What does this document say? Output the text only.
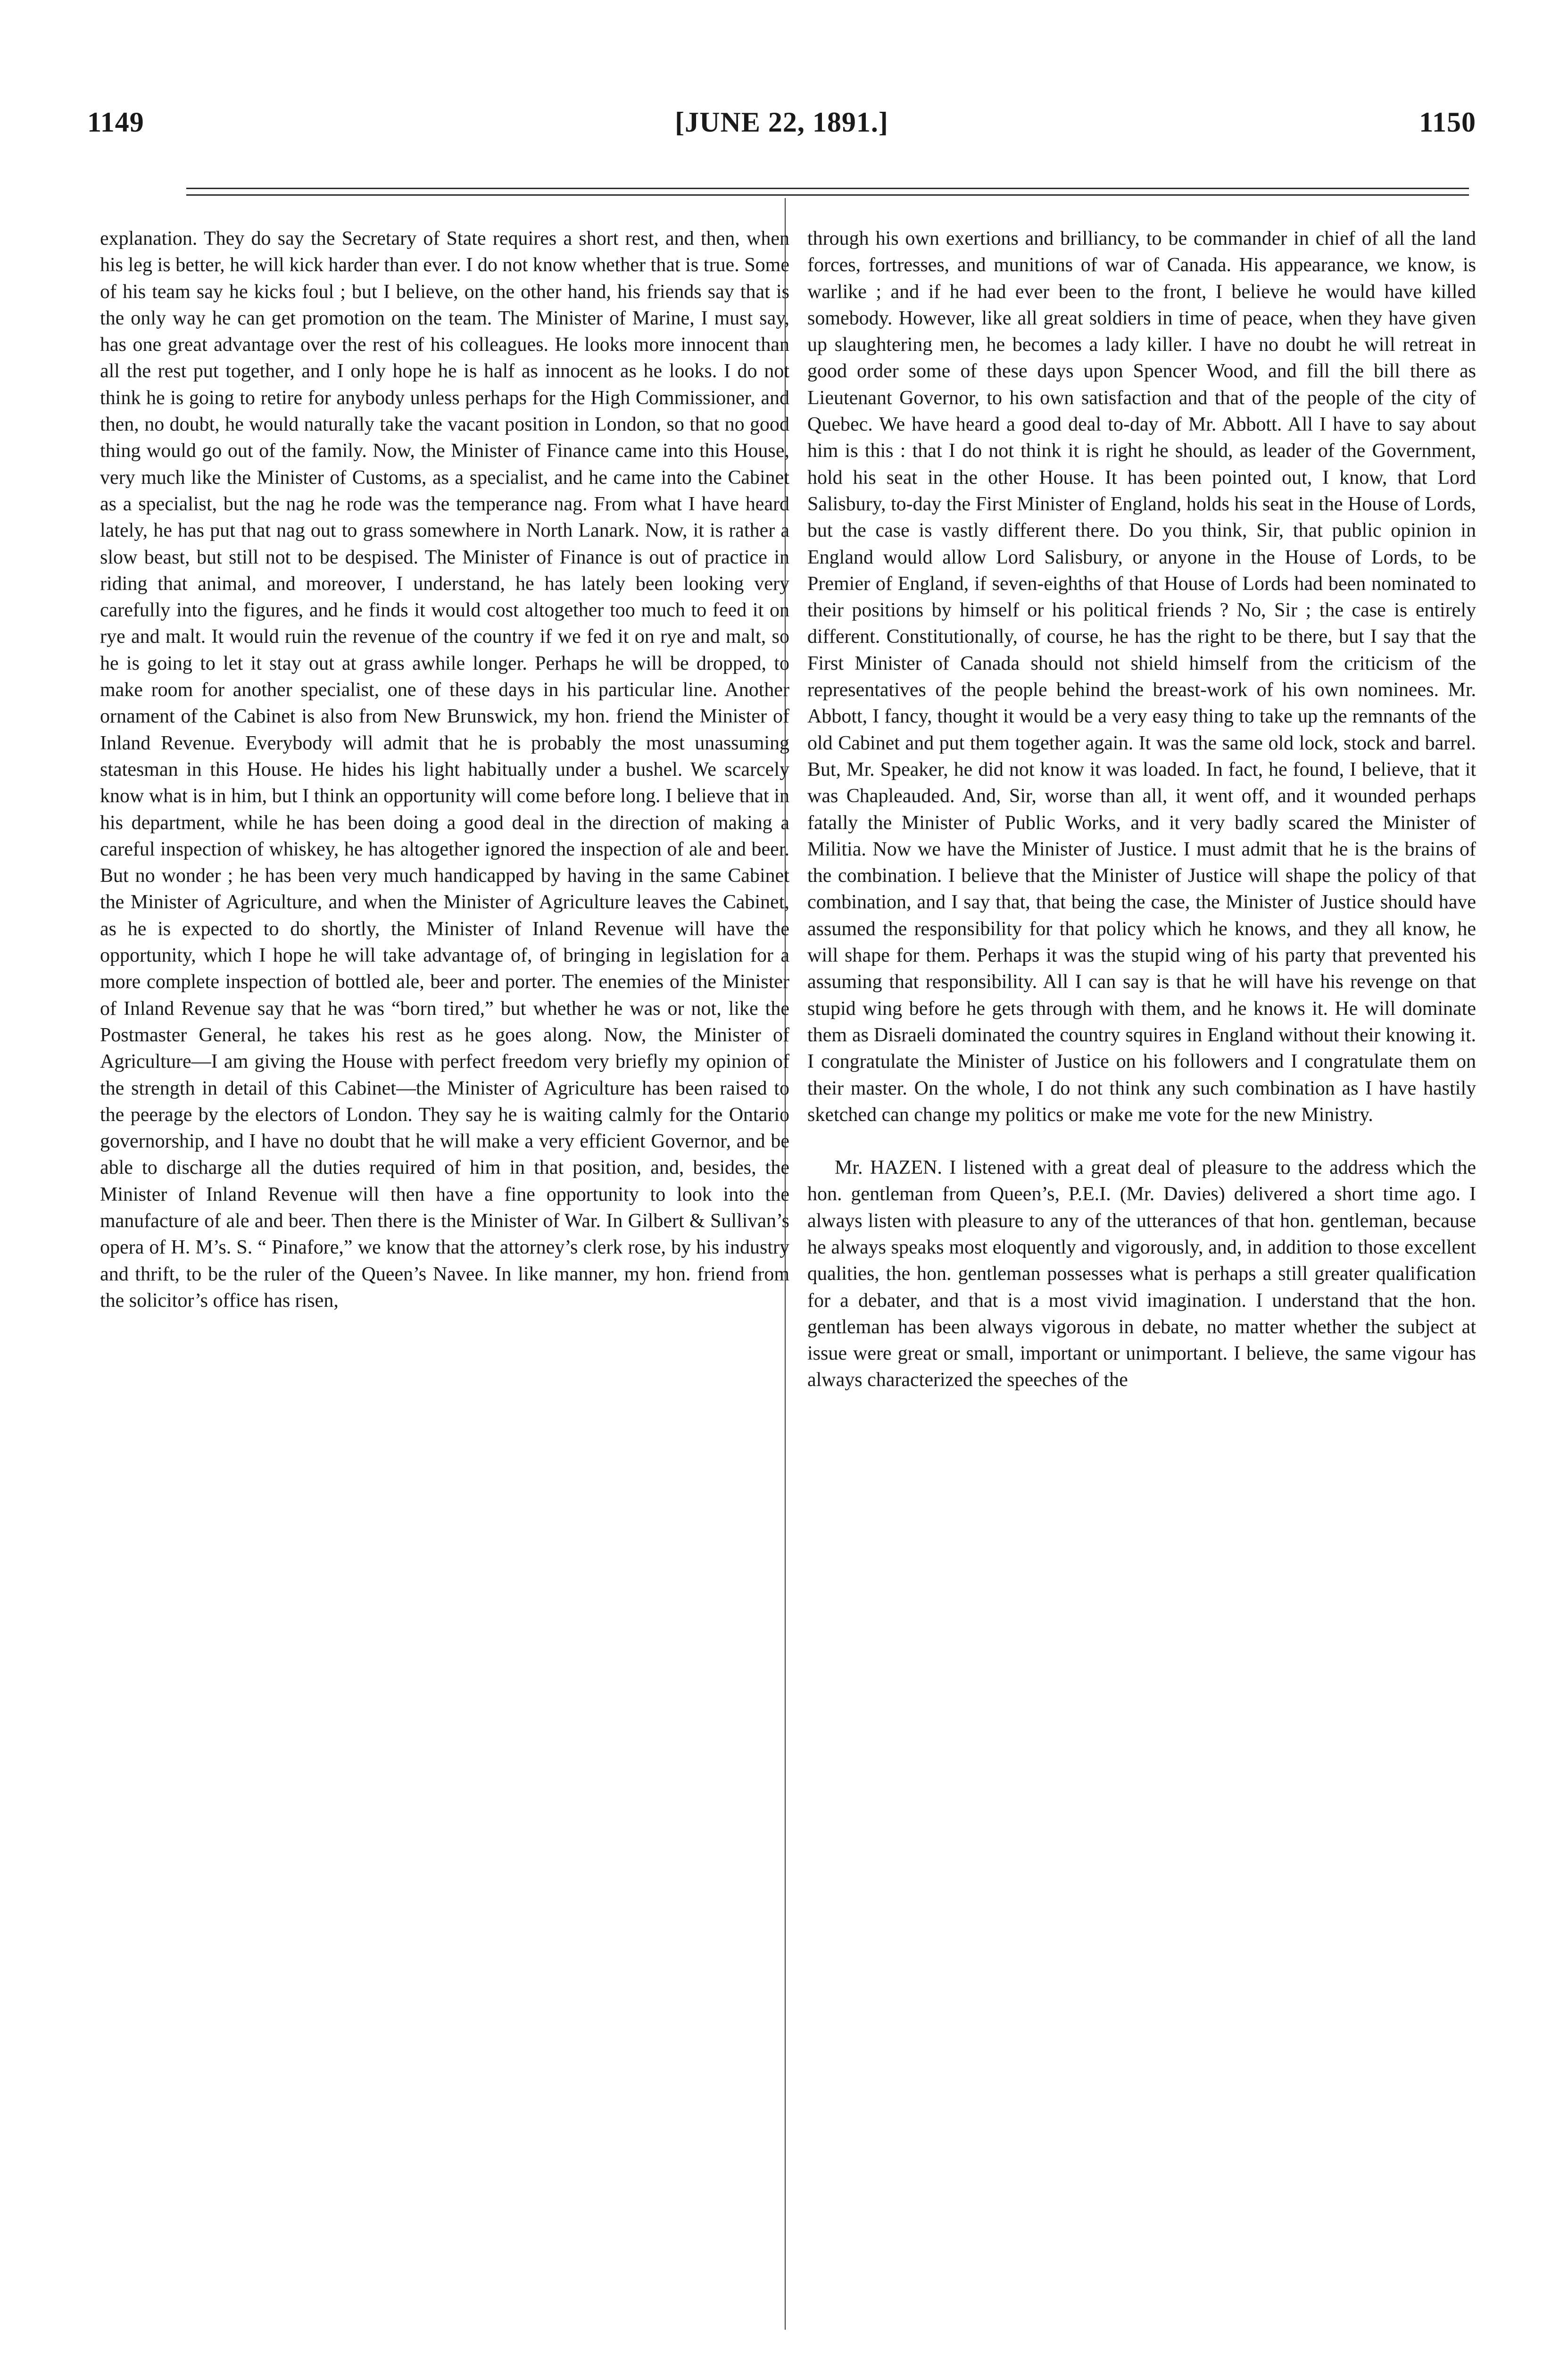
1149	[JUNE 22, 1891.]	1150

explanation. They do say the Secretary of State requires a short rest, and then, when his leg is better, he will kick harder than ever. I do not know whether that is true. Some of his team say he kicks foul ; but I believe, on the other hand, his friends say that is the only way he can get promotion on the team. The Minister of Marine, I must say, has one great advantage over the rest of his colleagues. He looks more innocent than all the rest put together, and I only hope he is half as innocent as he looks. I do not think he is going to retire for anybody unless perhaps for the High Commissioner, and then, no doubt, he would naturally take the vacant position in London, so that no good thing would go out of the family. Now, the Minister of Finance came into this House, very much like the Minister of Customs, as a specialist, and he came into the Cabinet as a specialist, but the nag he rode was the temperance nag. From what I have heard lately, he has put that nag out to grass somewhere in North Lanark. Now, it is rather a slow beast, but still not to be despised. The Minister of Finance is out of practice in riding that animal, and moreover, I understand, he has lately been looking very carefully into the figures, and he finds it would cost altogether too much to feed it on rye and malt. It would ruin the revenue of the country if we fed it on rye and malt, so he is going to let it stay out at grass awhile longer. Perhaps he will be dropped, to make room for another specialist, one of these days in his particular line. Another ornament of the Cabinet is also from New Brunswick, my hon. friend the Minister of Inland Revenue. Everybody will admit that he is probably the most unassuming statesman in this House. He hides his light habitually under a bushel. We scarcely know what is in him, but I think an opportunity will come before long. I believe that in his department, while he has been doing a good deal in the direction of making a careful inspection of whiskey, he has altogether ignored the inspection of ale and beer. But no wonder ; he has been very much handicapped by having in the same Cabinet the Minister of Agriculture, and when the Minister of Agriculture leaves the Cabinet, as he is expected to do shortly, the Minister of Inland Revenue will have the opportunity, which I hope he will take advantage of, of bringing in legislation for a more complete inspection of bottled ale, beer and porter. The enemies of the Minister of Inland Revenue say that he was “born tired,” but whether he was or not, like the Postmaster General, he takes his rest as he goes along. Now, the Minister of Agriculture—I am giving the House with perfect freedom very briefly my opinion of the strength in detail of this Cabinet—the Minister of Agriculture has been raised to the peerage by the electors of London. They say he is waiting calmly for the Ontario governorship, and I have no doubt that he will make a very efficient Governor, and be able to discharge all the duties required of him in that position, and, besides, the Minister of Inland Revenue will then have a fine opportunity to look into the manufacture of ale and beer. Then there is the Minister of War. In Gilbert & Sullivan’s opera of H. M’s. S. “ Pinafore,” we know that the attorney’s clerk rose, by his industry and thrift, to be the ruler of the Queen’s Navee. In like manner, my hon. friend from the solicitor’s office has risen,

through his own exertions and brilliancy, to be commander in chief of all the land forces, fortresses, and munitions of war of Canada. His appearance, we know, is warlike ; and if he had ever been to the front, I believe he would have killed somebody. However, like all great soldiers in time of peace, when they have given up slaughtering men, he becomes a lady killer. I have no doubt he will retreat in good order some of these days upon Spencer Wood, and fill the bill there as Lieutenant Governor, to his own satisfaction and that of the people of the city of Quebec. We have heard a good deal to-day of Mr. Abbott. All I have to say about him is this : that I do not think it is right he should, as leader of the Government, hold his seat in the other House. It has been pointed out, I know, that Lord Salisbury, to-day the First Minister of England, holds his seat in the House of Lords, but the case is vastly different there. Do you think, Sir, that public opinion in England would allow Lord Salisbury, or anyone in the House of Lords, to be Premier of England, if seven-eighths of that House of Lords had been nominated to their positions by himself or his political friends ? No, Sir ; the case is entirely different. Constitutionally, of course, he has the right to be there, but I say that the First Minister of Canada should not shield himself from the criticism of the representatives of the people behind the breast-work of his own nominees. Mr. Abbott, I fancy, thought it would be a very easy thing to take up the remnants of the old Cabinet and put them together again. It was the same old lock, stock and barrel. But, Mr. Speaker, he did not know it was loaded. In fact, he found, I believe, that it was Chapleauded. And, Sir, worse than all, it went off, and it wounded perhaps fatally the Minister of Public Works, and it very badly scared the Minister of Militia. Now we have the Minister of Justice. I must admit that he is the brains of the combination. I believe that the Minister of Justice will shape the policy of that combination, and I say that, that being the case, the Minister of Justice should have assumed the responsibility for that policy which he knows, and they all know, he will shape for them. Perhaps it was the stupid wing of his party that prevented his assuming that responsibility. All I can say is that he will have his revenge on that stupid wing before he gets through with them, and he knows it. He will dominate them as Disraeli dominated the country squires in England without their knowing it. I congratulate the Minister of Justice on his followers and I congratulate them on their master. On the whole, I do not think any such combination as I have hastily sketched can change my politics or make me vote for the new Ministry.

Mr. HAZEN. I listened with a great deal of pleasure to the address which the hon. gentleman from Queen’s, P.E.I. (Mr. Davies) delivered a short time ago. I always listen with pleasure to any of the utterances of that hon. gentleman, because he always speaks most eloquently and vigorously, and, in addition to those excellent qualities, the hon. gentleman possesses what is perhaps a still greater qualification for a debater, and that is a most vivid imagination. I understand that the hon. gentleman has been always vigorous in debate, no matter whether the subject at issue were great or small, important or unimportant. I believe, the same vigour has always characterized the speeches of the
